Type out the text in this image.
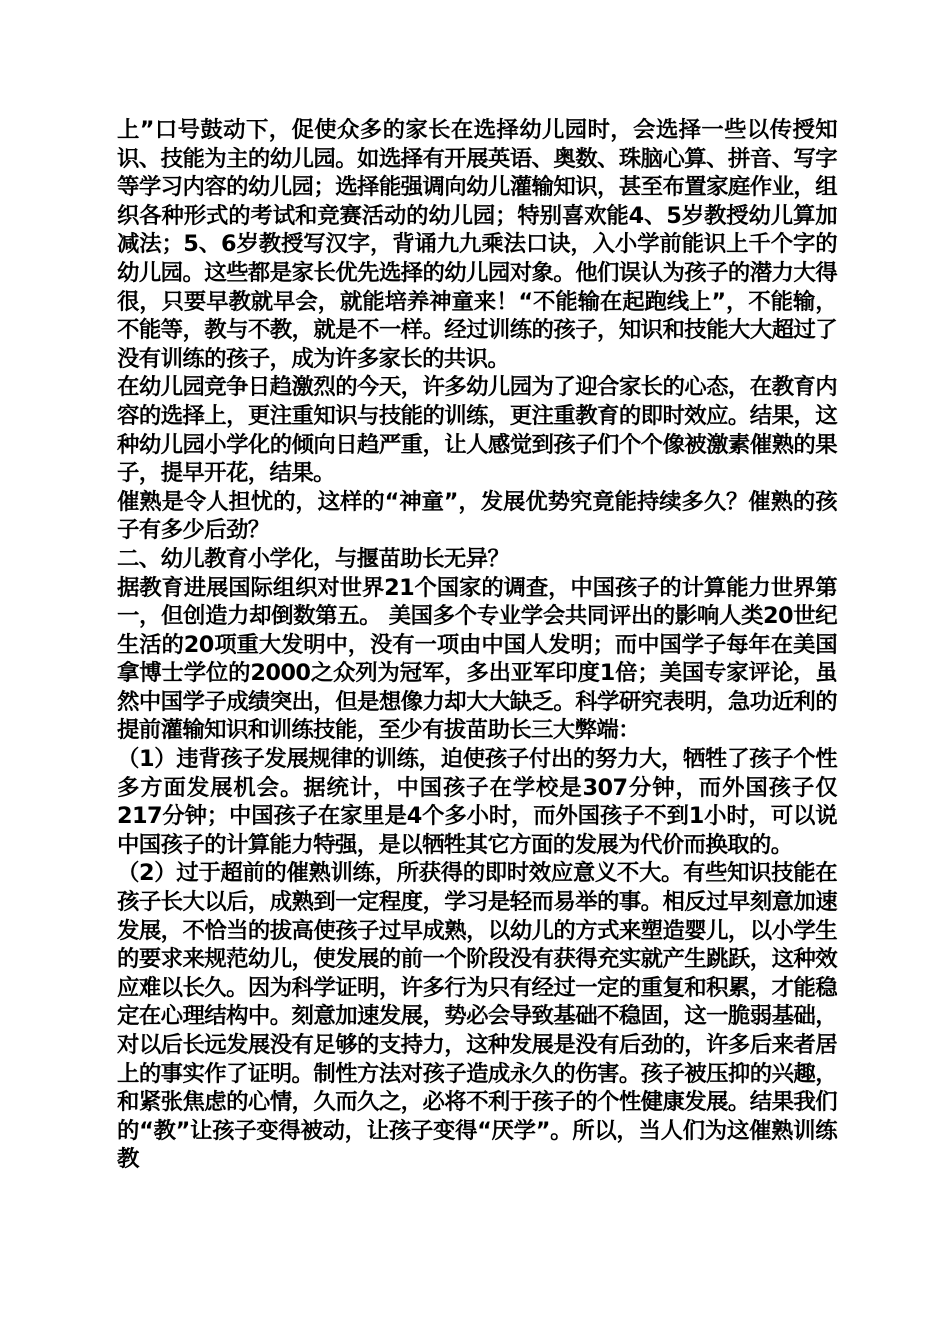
上”口号鼓动下，促使众多的家长在选择幼儿园时，会选择一些以传授知识、技能为主的幼儿园。如选择有开展英语、奥数、珠脑心算、拼音、写字等学习内容的幼儿园；选择能强调向幼儿灌输知识，甚至布置家庭作业，组织各种形式的考试和竞赛活动的幼儿园；特别喜欢能4、5岁教授幼儿算加减法；5、6岁教授写汉字，背诵九九乘法口诀，入小学前能识上千个字的幼儿园。这些都是家长优先选择的幼儿园对象。他们误认为孩子的潜力大得很，只要早教就早会，就能培养神童来！“不能输在起跑线上”，不能输，不能等，教与不教，就是不一样。经过训练的孩子，知识和技能大大超过了没有训练的孩子，成为许多家长的共识。

在幼儿园竞争日趋激烈的今天，许多幼儿园为了迎合家长的心态，在教育内容的选择上，更注重知识与技能的训练，更注重教育的即时效应。结果，这种幼儿园小学化的倾向日趋严重，让人感觉到孩子们个个像被激素催熟的果子，提早开花，结果。

催熟是令人担忧的，这样的“神童”，发展优势究竟能持续多久？催熟的孩子有多少后劲？

二、幼儿教育小学化，与揠苗助长无异？

据教育进展国际组织对世界21个国家的调查，中国孩子的计算能力世界第一，但创造力却倒数第五。 美国多个专业学会共同评出的影响人类20世纪生活的20项重大发明中，没有一项由中国人发明；而中国学子每年在美国拿博士学位的2000之众列为冠军，多出亚军印度1倍；美国专家评论，虽然中国学子成绩突出，但是想像力却大大缺乏。科学研究表明，急功近利的提前灌输知识和训练技能，至少有拔苗助长三大弊端：

（1）违背孩子发展规律的训练，迫使孩子付出的努力大，牺牲了孩子个性多方面发展机会。据统计，中国孩子在学校是307分钟，而外国孩子仅217分钟；中国孩子在家里是4个多小时，而外国孩子不到1小时，可以说中国孩子的计算能力特强，是以牺牲其它方面的发展为代价而换取的。

（2）过于超前的催熟训练，所获得的即时效应意义不大。有些知识技能在孩子长大以后，成熟到一定程度，学习是轻而易举的事。相反过早刻意加速发展，不恰当的拔高使孩子过早成熟，以幼儿的方式来塑造婴儿，以小学生的要求来规范幼儿，使发展的前一个阶段没有获得充实就产生跳跃，这种效应难以长久。因为科学证明，许多行为只有经过一定的重复和积累，才能稳定在心理结构中。刻意加速发展，势必会导致基础不稳固，这一脆弱基础，对以后长远发展没有足够的支持力，这种发展是没有后劲的，许多后来者居上的事实作了证明。制性方法对孩子造成永久的伤害。孩子被压抑的兴趣，和紧张焦虑的心情，久而久之，必将不利于孩子的个性健康发展。结果我们的“教”让孩子变得被动，让孩子变得“厌学”。所以，当人们为这催熟训练教
